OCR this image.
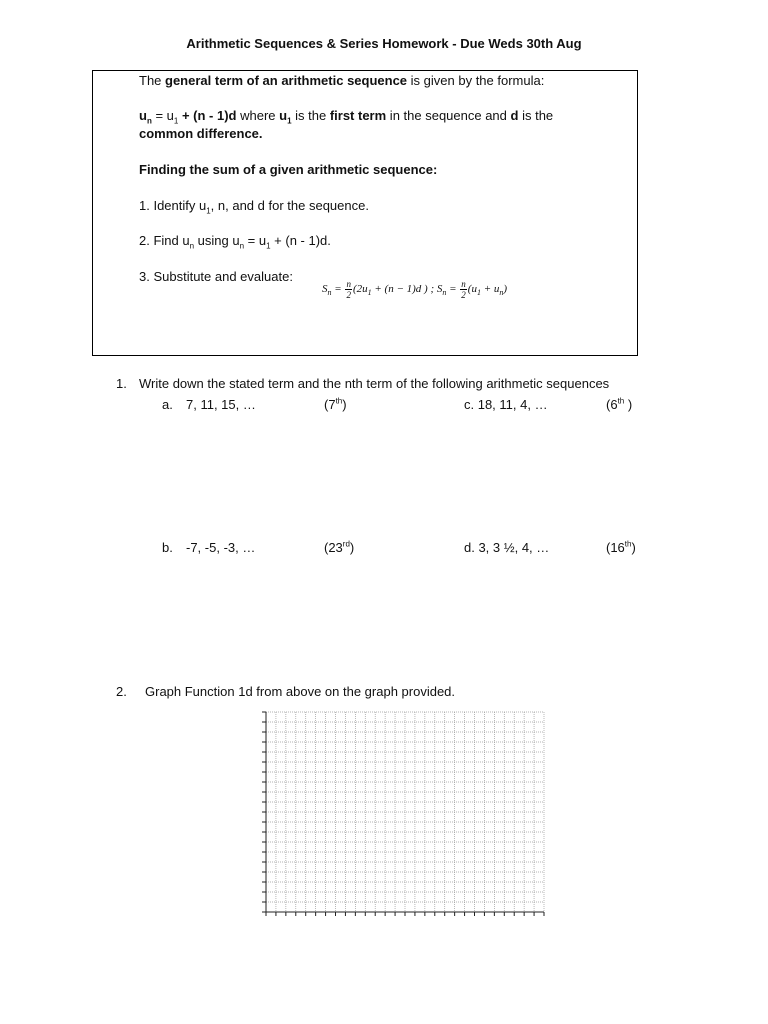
Arithmetic Sequences & Series Homework - Due Weds 30th Aug
The general term of an arithmetic sequence is given by the formula:
$u_n = u_1 + (n - 1)d$ where $u_1$ is the first term in the sequence and d is the
common difference.
Finding the sum of a given arithmetic sequence:
1. Identify $u_1$, n, and d for the sequence.
2. Find $u_n$ using $u_n = u_1 + (n - 1)d$.
3. Substitute and evaluate:
$S_n = \frac{n}{2} (2u_1 + (n - 1)d$ ) ; $S_n = \frac{n}{2} (u_1 + u_n)$
1. Write down the stated term and the nth term of the following arithmetic sequences
a. 7, 11, 15, …	(7th)	c. 18, 11, 4, …	(6th )
b. -7, -5, -3, …	(23rd)	d. 3, 3 ½, 4, …	(16th)
2. Graph Function 1d from above on the graph provided.
